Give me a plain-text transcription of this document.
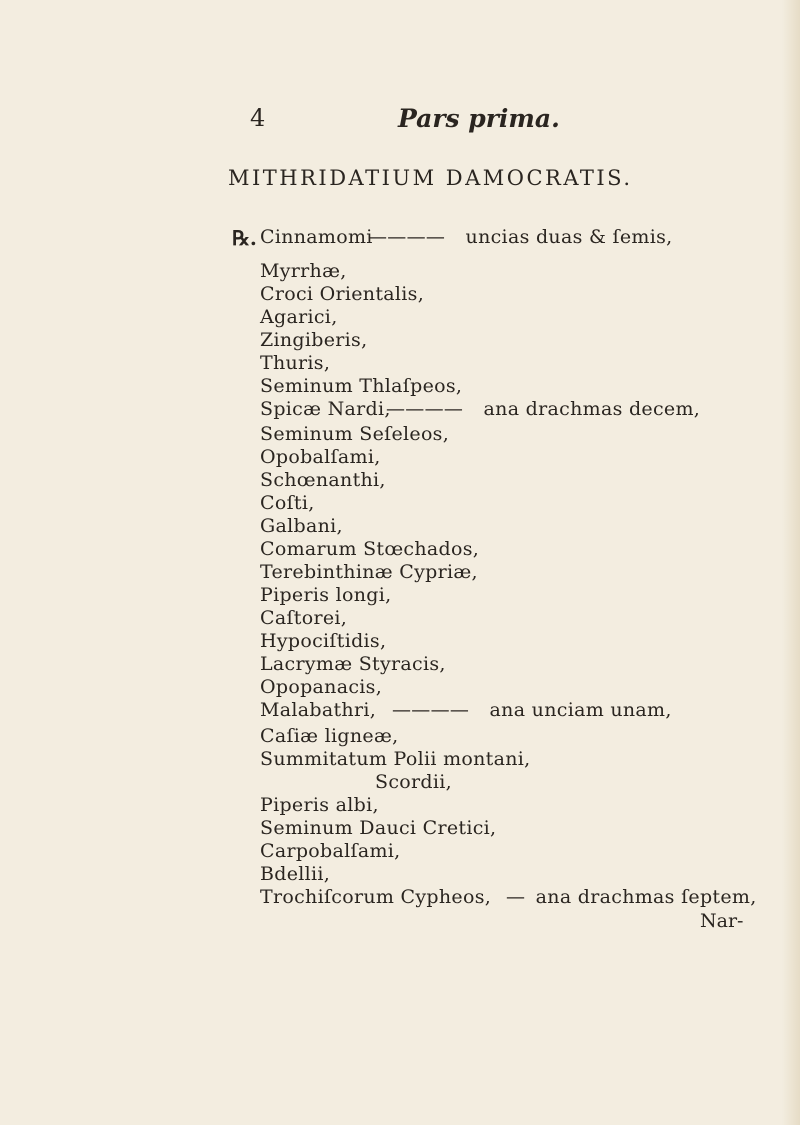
4	Pars prima.
MITHRIDATIUM DAMOCRATIS.
℞. Cinnamomi
———— uncias duas & ſemis,
Myrrhæ,
Croci Orientalis,
Agarici,
Zingiberis,
Thuris,
Seminum Thlaſpeos,
Spicæ Nardi,
———— ana drachmas decem,
Seminum Seſeleos,
Opobalſami,
Schœnanthi,
Coſti,
Galbani,
Comarum Stœchados,
Terebinthinæ Cypriæ,
Piperis longi,
Caſtorei,
Hypociſtidis,
Lacrymæ Styracis,
Opopanacis,
Malabathri, ———— ana unciam unam,
Caſiæ ligneæ,
Summitatum Polii montani,
Scordii,
Piperis albi,
Seminum Dauci Cretici,
Carpobalſami,
Bdellii,
Trochiſcorum Cypheos, — ana drachmas ſeptem,
Nar-
